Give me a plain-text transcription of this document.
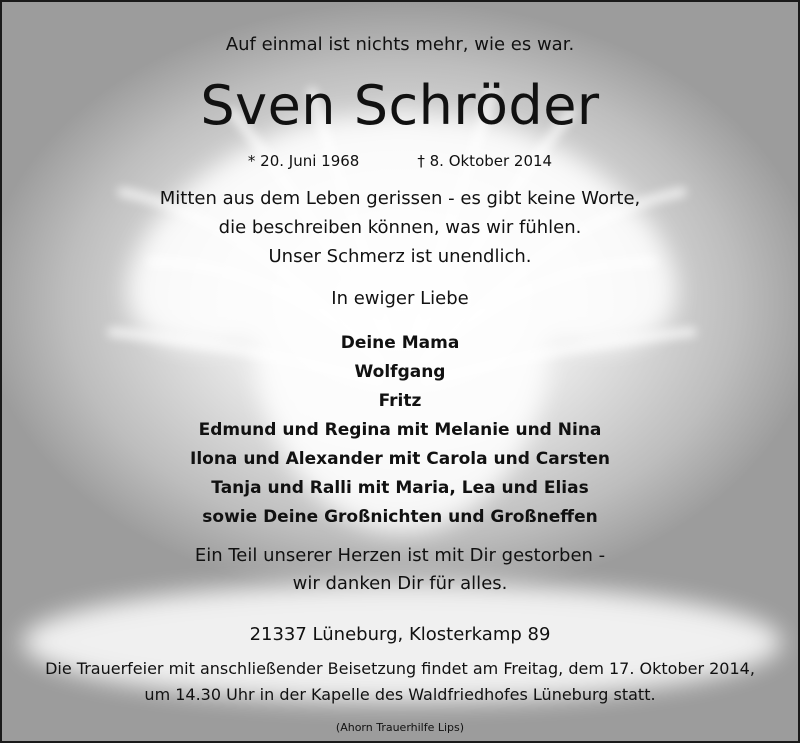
Auf einmal ist nichts mehr, wie es war.
Sven Schröder
* 20. Juni 1968	† 8. Oktober 2014
Mitten aus dem Leben gerissen - es gibt keine Worte,
die beschreiben können, was wir fühlen.
Unser Schmerz ist unendlich.
In ewiger Liebe
Deine Mama
Wolfgang
Fritz
Edmund und Regina mit Melanie und Nina
Ilona und Alexander mit Carola und Carsten
Tanja und Ralli mit Maria, Lea und Elias
sowie Deine Großnichten und Großneffen
Ein Teil unserer Herzen ist mit Dir gestorben -
wir danken Dir für alles.
21337 Lüneburg, Klosterkamp 89
Die Trauerfeier mit anschließender Beisetzung findet am Freitag, dem 17. Oktober 2014,
um 14.30 Uhr in der Kapelle des Waldfriedhofes Lüneburg statt.
(Ahorn Trauerhilfe Lips)
